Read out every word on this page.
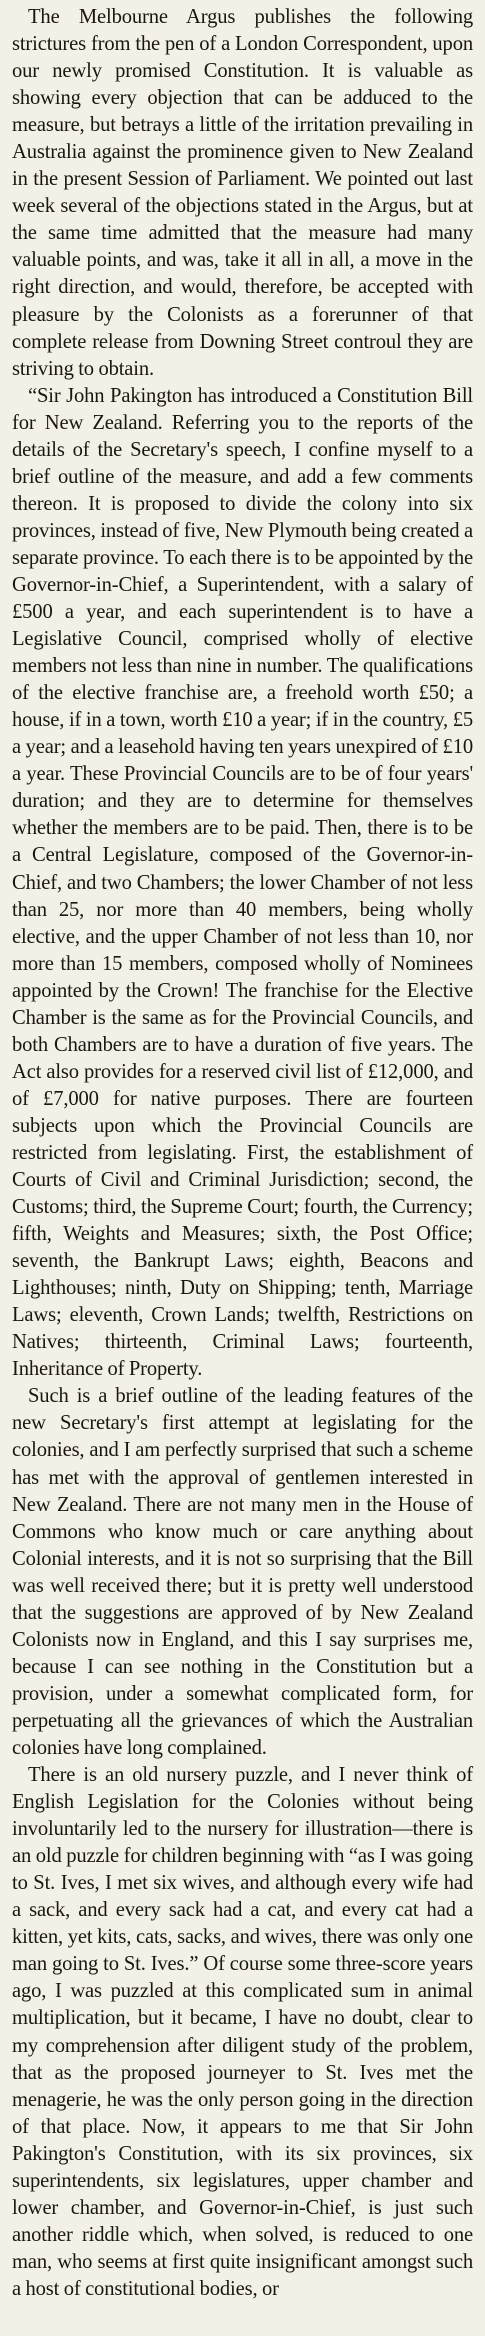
The Melbourne Argus publishes the following strictures from the pen of a London Correspondent, upon our newly promised Constitution. It is valuable as showing every objection that can be adduced to the measure, but betrays a little of the irritation prevailing in Australia against the prominence given to New Zealand in the present Session of Parliament. We pointed out last week several of the objections stated in the Argus, but at the same time admitted that the measure had many valuable points, and was, take it all in all, a move in the right direction, and would, therefore, be accepted with pleasure by the Colonists as a forerunner of that complete release from Downing Street controul they are striving to obtain.

“Sir John Pakington has introduced a Constitution Bill for New Zealand. Referring you to the reports of the details of the Secretary's speech, I confine myself to a brief outline of the measure, and add a few comments thereon. It is proposed to divide the colony into six provinces, instead of five, New Plymouth being created a separate province. To each there is to be appointed by the Governor-in-Chief, a Superintendent, with a salary of £500 a year, and each superintendent is to have a Legislative Council, comprised wholly of elective members not less than nine in number. The qualifications of the elective franchise are, a freehold worth £50; a house, if in a town, worth £10 a year; if in the country, £5 a year; and a leasehold having ten years unexpired of £10 a year. These Provincial Councils are to be of four years' duration; and they are to determine for themselves whether the members are to be paid. Then, there is to be a Central Legislature, composed of the Governor-in-Chief, and two Chambers; the lower Chamber of not less than 25, nor more than 40 members, being wholly elective, and the upper Chamber of not less than 10, nor more than 15 members, composed wholly of Nominees appointed by the Crown! The franchise for the Elective Chamber is the same as for the Provincial Councils, and both Chambers are to have a duration of five years. The Act also provides for a reserved civil list of £12,000, and of £7,000 for native purposes. There are fourteen subjects upon which the Provincial Councils are restricted from legislating. First, the establishment of Courts of Civil and Criminal Jurisdiction; second, the Customs; third, the Supreme Court; fourth, the Currency; fifth, Weights and Measures; sixth, the Post Office; seventh, the Bankrupt Laws; eighth, Beacons and Lighthouses; ninth, Duty on Shipping; tenth, Marriage Laws; eleventh, Crown Lands; twelfth, Restrictions on Natives; thirteenth, Criminal Laws; fourteenth, Inheritance of Property.

Such is a brief outline of the leading features of the new Secretary's first attempt at legislating for the colonies, and I am perfectly surprised that such a scheme has met with the approval of gentlemen interested in New Zealand. There are not many men in the House of Commons who know much or care anything about Colonial interests, and it is not so surprising that the Bill was well received there; but it is pretty well understood that the suggestions are approved of by New Zealand Colonists now in England, and this I say surprises me, because I can see nothing in the Constitution but a provision, under a somewhat complicated form, for perpetuating all the grievances of which the Australian colonies have long complained.

There is an old nursery puzzle, and I never think of English Legislation for the Colonies without being involuntarily led to the nursery for illustration—there is an old puzzle for children beginning with “as I was going to St. Ives, I met six wives, and although every wife had a sack, and every sack had a cat, and every cat had a kitten, yet kits, cats, sacks, and wives, there was only one man going to St. Ives.” Of course some three-score years ago, I was puzzled at this complicated sum in animal multiplication, but it became, I have no doubt, clear to my comprehension after diligent study of the problem, that as the proposed journeyer to St. Ives met the menagerie, he was the only person going in the direction of that place. Now, it appears to me that Sir John Pakington's Constitution, with its six provinces, six superintendents, six legislatures, upper chamber and lower chamber, and Governor-in-Chief, is just such another riddle which, when solved, is reduced to one man, who seems at first quite insignificant amongst such a host of constitutional bodies, or
